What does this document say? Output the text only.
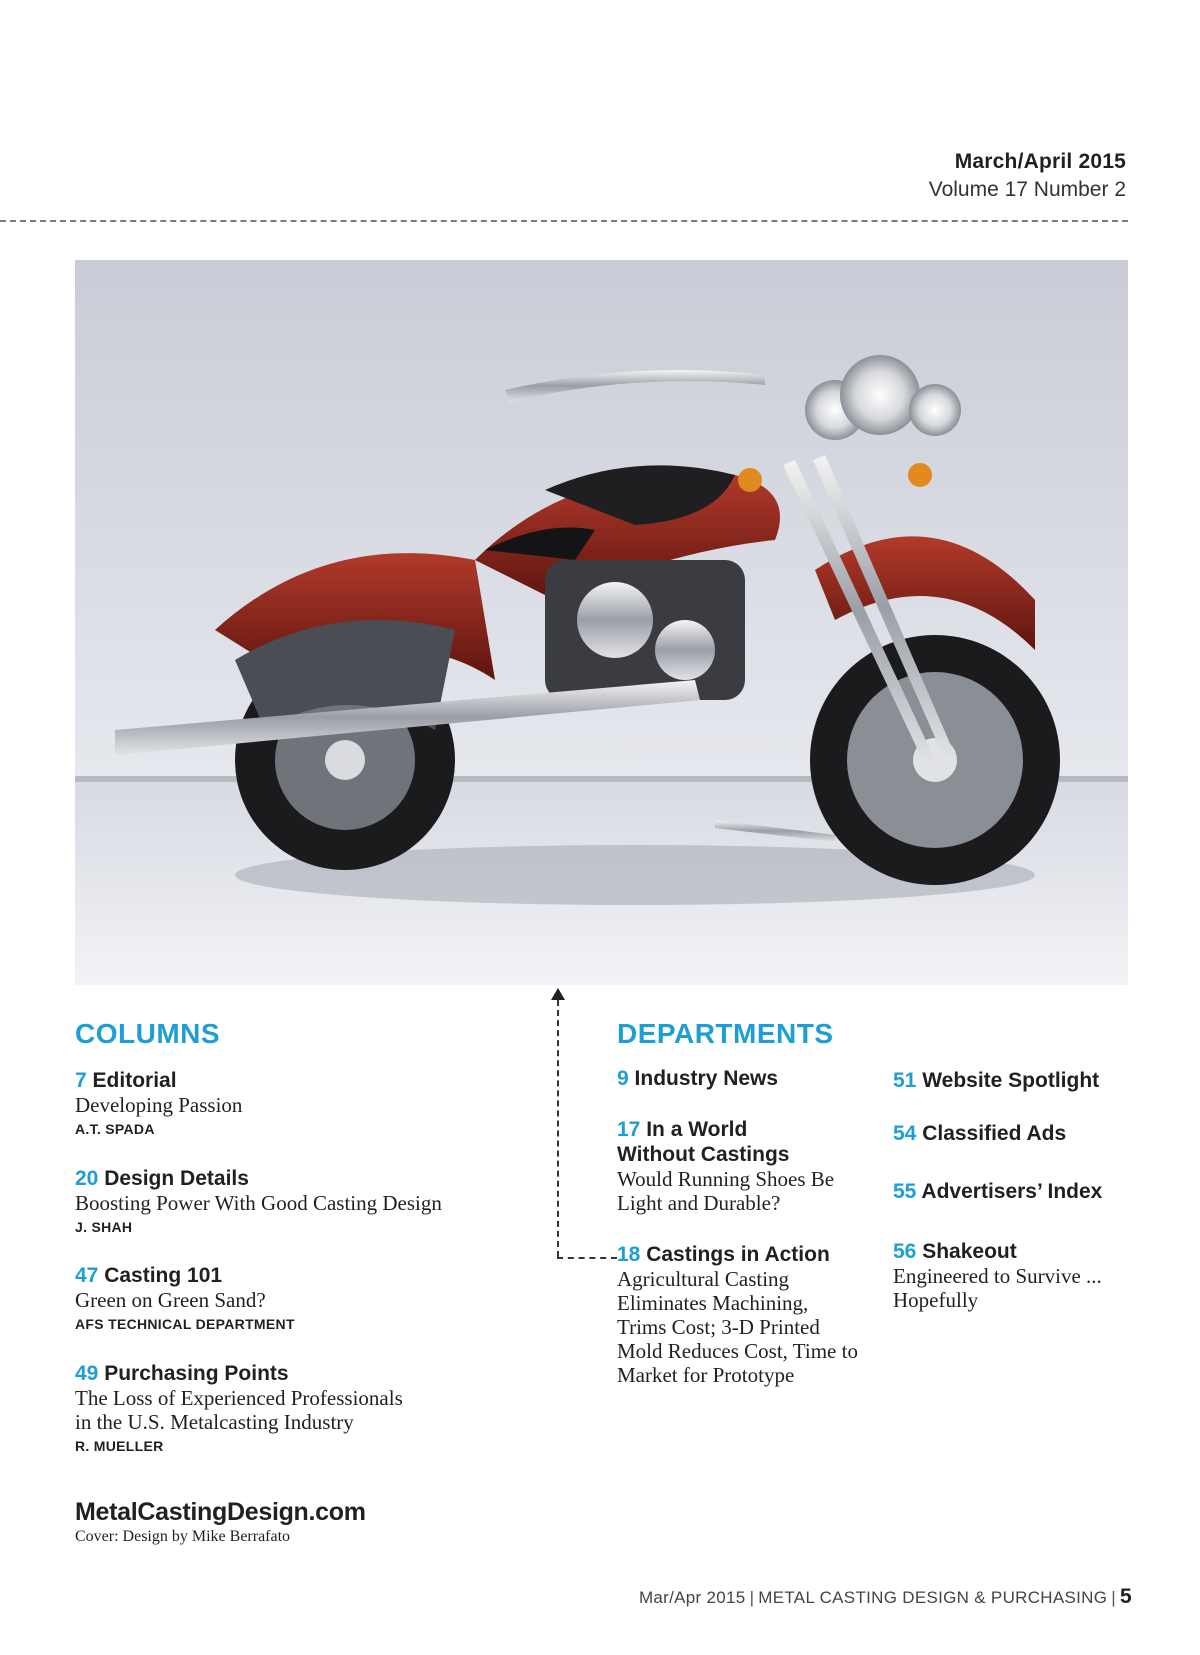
March/April 2015
Volume 17 Number 2
COLUMNS
7 Editorial
Developing Passion
A.T. SPADA
20 Design Details
Boosting Power With Good Casting Design
J. SHAH
47 Casting 101
Green on Green Sand?
AFS TECHNICAL DEPARTMENT
49 Purchasing Points
The Loss of Experienced Professionals
in the U.S. Metalcasting Industry
R. MUELLER
DEPARTMENTS
9 Industry News
17 In a World
Without Castings
Would Running Shoes Be
Light and Durable?
18 Castings in Action
Agricultural Casting
Eliminates Machining,
Trims Cost; 3-D Printed
Mold Reduces Cost, Time to
Market for Prototype
51 Website Spotlight
54 Classified Ads
55 Advertisers’ Index
56 Shakeout
Engineered to Survive ...
Hopefully
MetalCastingDesign.com
Cover: Design by Mike Berrafato
Mar/Apr 2015 | METAL CASTING DESIGN & PURCHASING | 5
